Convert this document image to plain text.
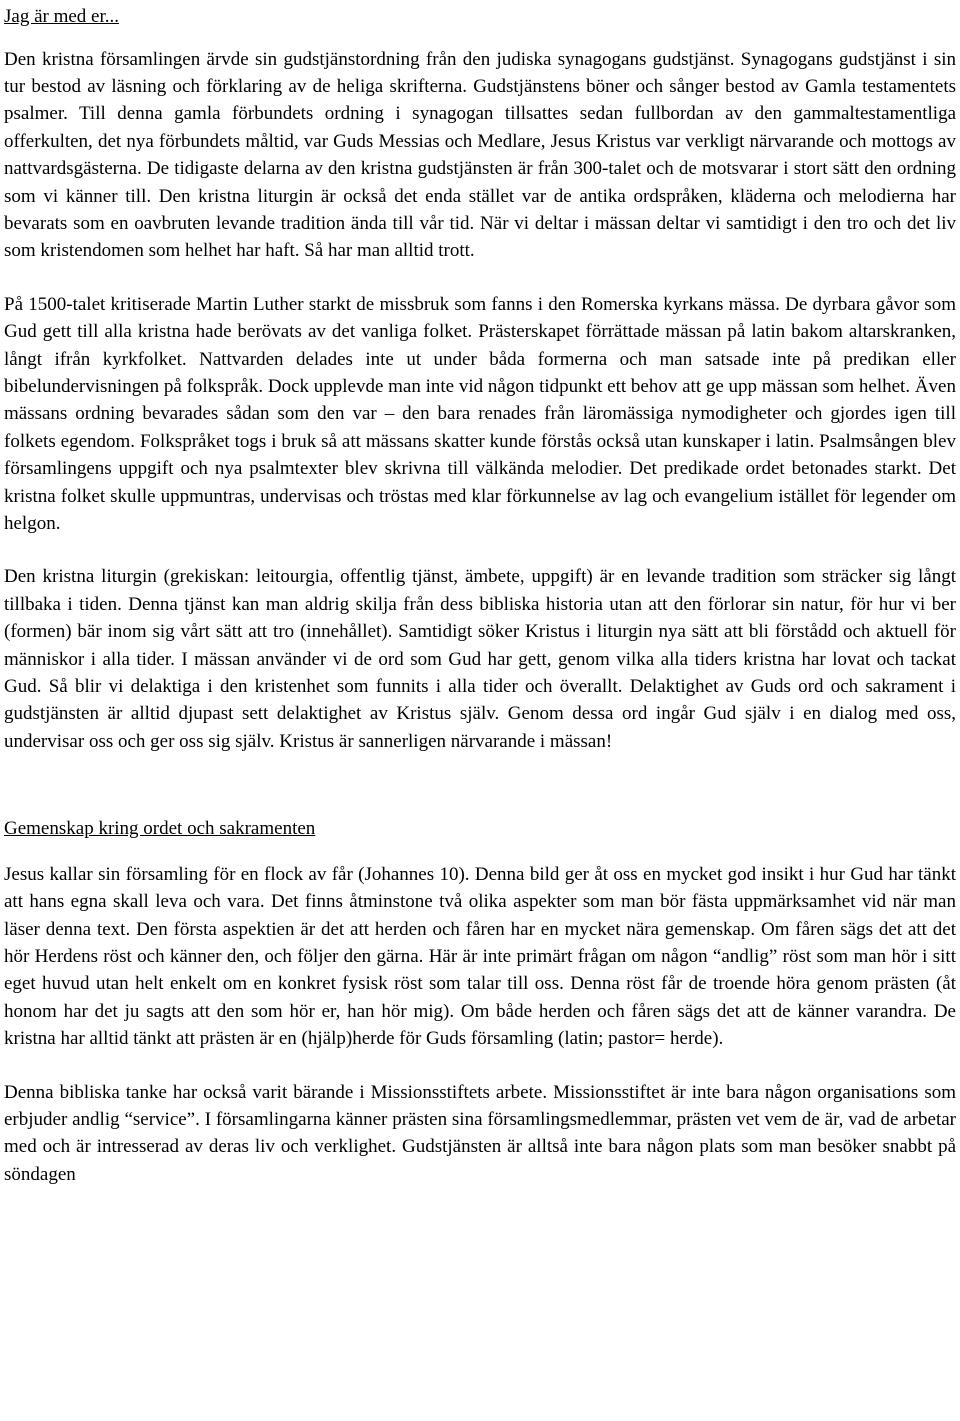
Jag är med er...

Den kristna församlingen ärvde sin gudstjänstordning från den judiska synagogans gudstjänst. Synagogans gudstjänst i sin tur bestod av läsning och förklaring av de heliga skrifterna. Gudstjänstens böner och sånger bestod av Gamla testamentets psalmer. Till denna gamla förbundets ordning i synagogan tillsattes sedan fullbordan av den gammaltestamentliga offerkulten, det nya förbundets måltid, var Guds Messias och Medlare, Jesus Kristus var verkligt närvarande och mottogs av nattvardsgästerna. De tidigaste delarna av den kristna gudstjänsten är från 300-talet och de motsvarar i stort sätt den ordning som vi känner till. Den kristna liturgin är också det enda stället var de antika ordspråken, kläderna och melodierna har bevarats som en oavbruten levande tradition ända till vår tid. När vi deltar i mässan deltar vi samtidigt i den tro och det liv som kristendomen som helhet har haft. Så har man alltid trott.

På 1500-talet kritiserade Martin Luther starkt de missbruk som fanns i den Romerska kyrkans mässa. De dyrbara gåvor som Gud gett till alla kristna hade berövats av det vanliga folket. Prästerskapet förrättade mässan på latin bakom altarskranken, långt ifrån kyrkfolket. Nattvarden delades inte ut under båda formerna och man satsade inte på predikan eller bibelundervisningen på folkspråk. Dock upplevde man inte vid någon tidpunkt ett behov att ge upp mässan som helhet. Även mässans ordning bevarades sådan som den var – den bara renades från läromässiga nymodigheter och gjordes igen till folkets egendom. Folkspråket togs i bruk så att mässans skatter kunde förstås också utan kunskaper i latin. Psalmsången blev församlingens uppgift och nya psalmtexter blev skrivna till välkända melodier. Det predikade ordet betonades starkt. Det kristna folket skulle uppmuntras, undervisas och tröstas med klar förkunnelse av lag och evangelium istället för legender om helgon.

Den kristna liturgin (grekiskan: leitourgia, offentlig tjänst, ämbete, uppgift) är en levande tradition som sträcker sig långt tillbaka i tiden. Denna tjänst kan man aldrig skilja från dess bibliska historia utan att den förlorar sin natur, för hur vi ber (formen) bär inom sig vårt sätt att tro (innehållet). Samtidigt söker Kristus i liturgin nya sätt att bli förstådd och aktuell för människor i alla tider. I mässan använder vi de ord som Gud har gett, genom vilka alla tiders kristna har lovat och tackat Gud. Så blir vi delaktiga i den kristenhet som funnits i alla tider och överallt. Delaktighet av Guds ord och sakrament i gudstjänsten är alltid djupast sett delaktighet av Kristus själv. Genom dessa ord ingår Gud själv i en dialog med oss, undervisar oss och ger oss sig själv. Kristus är sannerligen närvarande i mässan!

Gemenskap kring ordet och sakramenten

Jesus kallar sin församling för en flock av får (Johannes 10). Denna bild ger åt oss en mycket god insikt i hur Gud har tänkt att hans egna skall leva och vara. Det finns åtminstone två olika aspekter som man bör fästa uppmärksamhet vid när man läser denna text. Den första aspektien är det att herden och fåren har en mycket nära gemenskap. Om fåren sägs det att det hör Herdens röst och känner den, och följer den gärna. Här är inte primärt frågan om någon “andlig” röst som man hör i sitt eget huvud utan helt enkelt om en konkret fysisk röst som talar till oss. Denna röst får de troende höra genom prästen (åt honom har det ju sagts att den som hör er, han hör mig). Om både herden och fåren sägs det att de känner varandra. De kristna har alltid tänkt att prästen är en (hjälp)herde för Guds församling (latin; pastor= herde).

Denna bibliska tanke har också varit bärande i Missionsstiftets arbete. Missionsstiftet är inte bara någon organisations som erbjuder andlig “service”. I församlingarna känner prästen sina församlingsmedlemmar, prästen vet vem de är, vad de arbetar med och är intresserad av deras liv och verklighet. Gudstjänsten är alltså inte bara någon plats som man besöker snabbt på söndagen
